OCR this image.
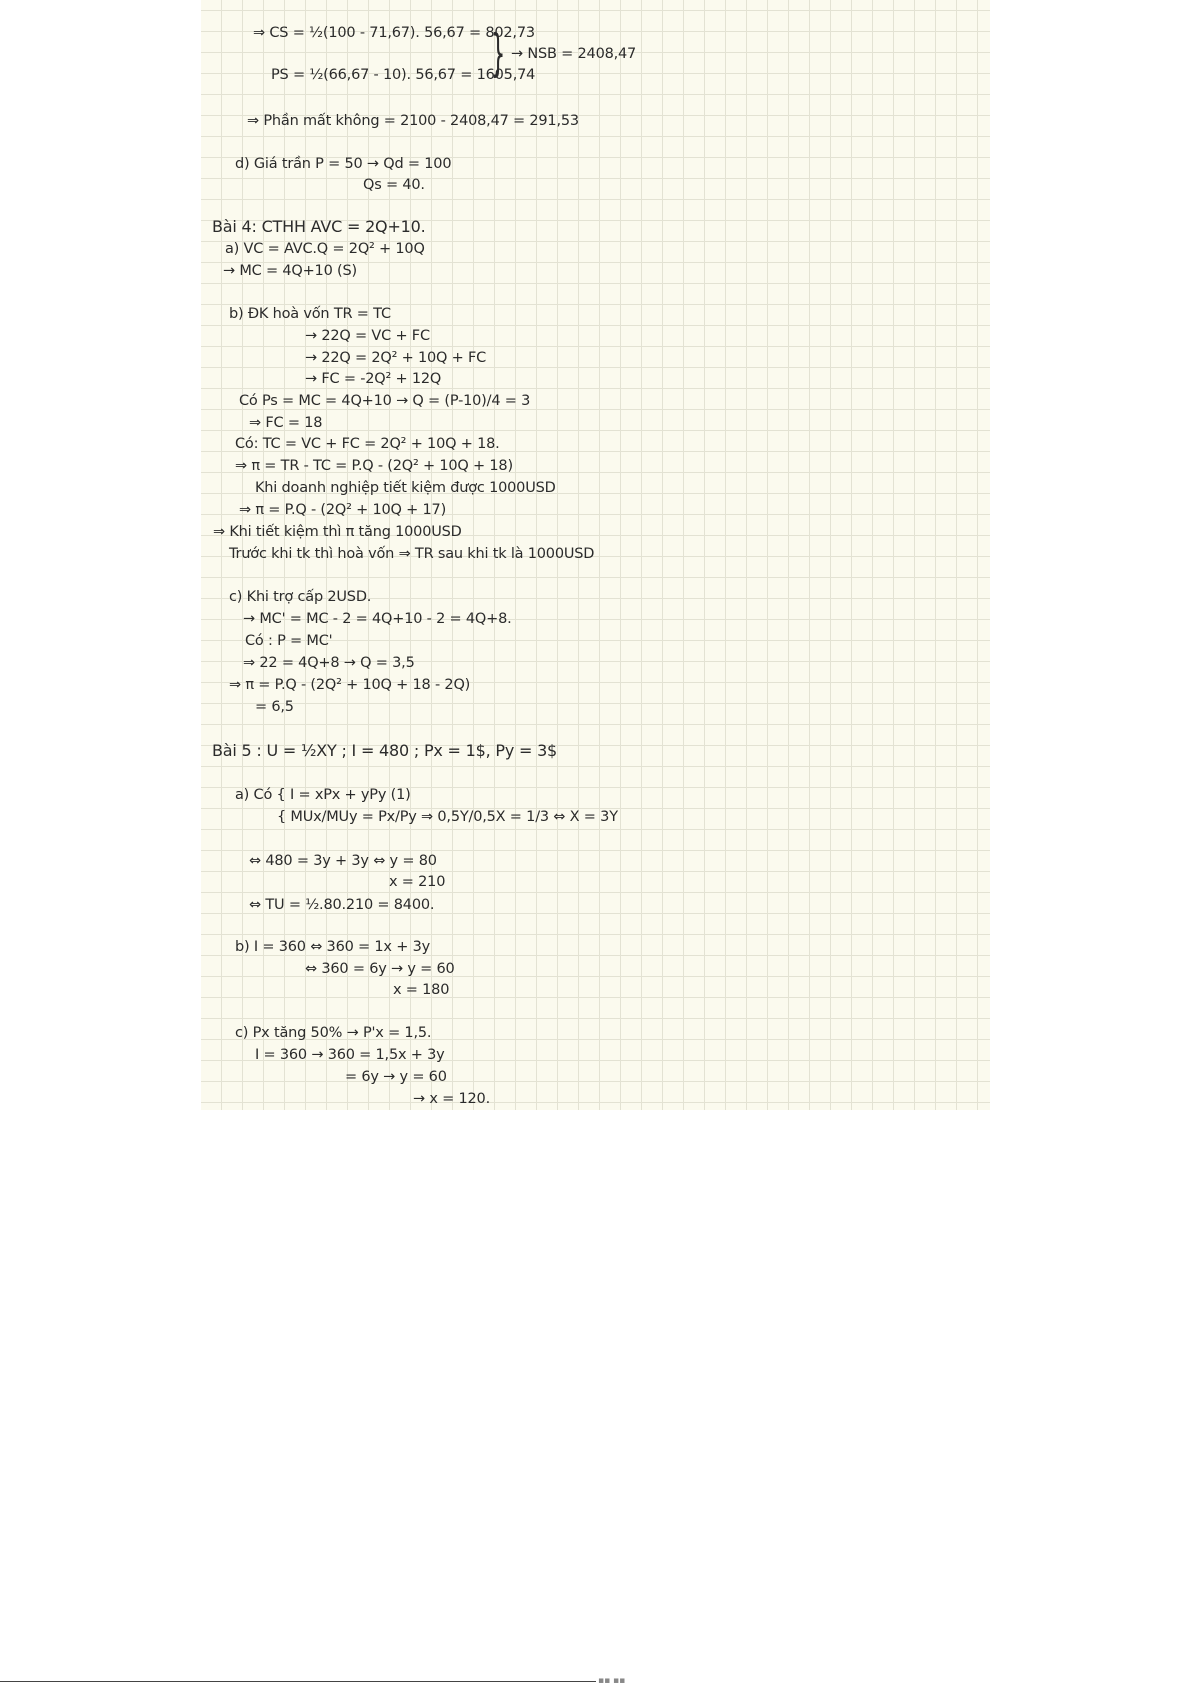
⇒ CS = ½(100 - 71,67). 56,67 = 802,73
PS = ½(66,67 - 10). 56,67 = 1605,74
} → NSB = 2408,47
⇒ Phần mất không = 2100 - 2408,47 = 291,53
d) Giá trần P = 50 → Qd = 100
Qs = 40.
Bài 4: CTHH AVC = 2Q+10.
a) VC = AVC.Q = 2Q² + 10Q
→ MC = 4Q+10 (S)
b) ĐK hoà vốn TR = TC
→ 22Q = VC + FC
→ 22Q = 2Q² + 10Q + FC
→ FC = -2Q² + 12Q
Có Ps = MC = 4Q+10 → Q = (P-10)/4 = 3
⇒ FC = 18
Có: TC = VC + FC = 2Q² + 10Q + 18.
⇒ π = TR - TC = P.Q - (2Q² + 10Q + 18)
Khi doanh nghiệp tiết kiệm được 1000USD
⇒ π = P.Q - (2Q² + 10Q + 17)
⇒ Khi tiết kiệm thì π tăng 1000USD
Trước khi tk thì hoà vốn ⇒ TR sau khi tk là 1000USD
c) Khi trợ cấp 2USD.
→ MC' = MC - 2 = 4Q+10 - 2 = 4Q+8.
Có : P = MC'
⇒ 22 = 4Q+8 → Q = 3,5
⇒ π = P.Q - (2Q² + 10Q + 18 - 2Q)
= 6,5
Bài 5 : U = ½XY ; I = 480 ; Px = 1$, Py = 3$
a) Có { I = xPx + yPy (1)
{ MUx/MUy = Px/Py ⇒ 0,5Y/0,5X = 1/3 ⇔ X = 3Y
⇔ 480 = 3y + 3y ⇔ y = 80
x = 210
⇔ TU = ½.80.210 = 8400.
b) I = 360 ⇔ 360 = 1x + 3y
⇔ 360 = 6y → y = 60
x = 180
c) Px tăng 50% → P'x = 1,5.
I = 360 → 360 = 1,5x + 3y
= 6y → y = 60
→ x = 120.
▪▪ ▪▪
